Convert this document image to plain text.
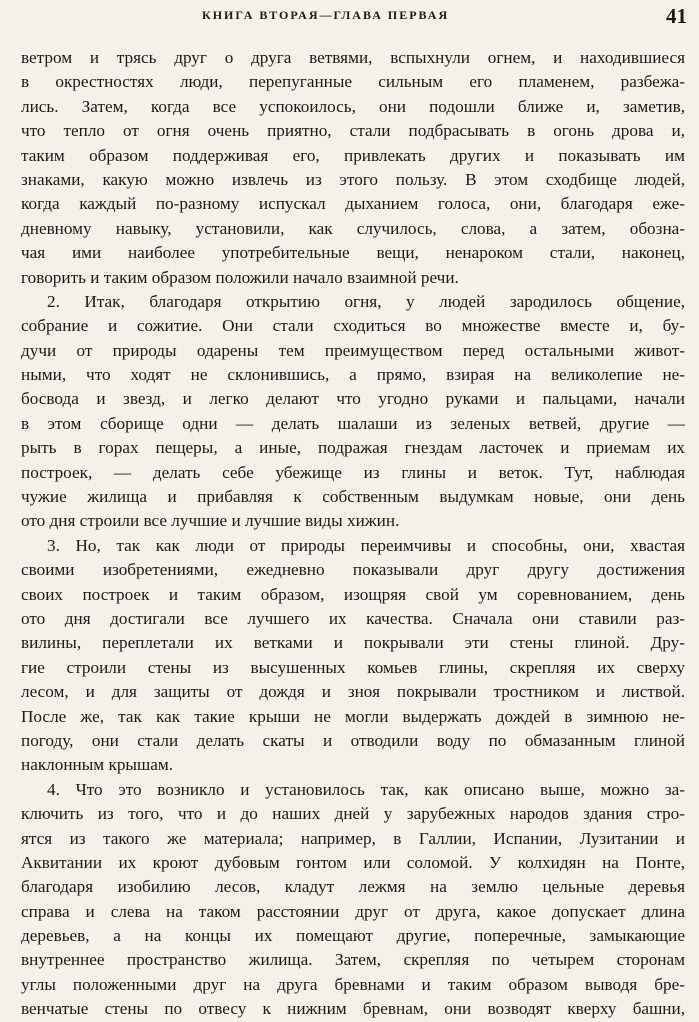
КНИГА ВТОРАЯ—ГЛАВА ПЕРВАЯ	41
ветром и трясь друг о друга ветвями, вспыхнули огнем, и находившиеся
в окрестностях люди, перепуганные сильным его пламенем, разбежа-
лись. Затем, когда все успокоилось, они подошли ближе и, заметив,
что тепло от огня очень приятно, стали подбрасывать в огонь дрова и,
таким образом поддерживая его, привлекать других и показывать им
знаками, какую можно извлечь из этого пользу. В этом сходбище людей,
когда каждый по-разному испускал дыханием голоса, они, благодаря еже-
дневному навыку, установили, как случилось, слова, а затем, обозна-
чая ими наиболее употребительные вещи, ненароком стали, наконец,
говорить и таким образом положили начало взаимной речи.
2. Итак, благодаря открытию огня, у людей зародилось общение,
собрание и сожитие. Они стали сходиться во множестве вместе и, бу-
дучи от природы одарены тем преимуществом перед остальными живот-
ными, что ходят не склонившись, а прямо, взирая на великолепие не-
босвода и звезд, и легко делают что угодно руками и пальцами, начали
в этом сборище одни — делать шалаши из зеленых ветвей, другие —
рыть в горах пещеры, а иные, подражая гнездам ласточек и приемам их
построек, — делать себе убежище из глины и веток. Тут, наблюдая
чужие жилища и прибавляя к собственным выдумкам новые, они день
ото дня строили все лучшие и лучшие виды хижин.
3. Но, так как люди от природы переимчивы и способны, они, хвастая
своими изобретениями, ежедневно показывали друг другу достижения
своих построек и таким образом, изощряя свой ум соревнованием, день
ото дня достигали все лучшего их качества. Сначала они ставили раз-
вилины, переплетали их ветками и покрывали эти стены глиной. Дру-
гие строили стены из высушенных комьев глины, скрепляя их сверху
лесом, и для защиты от дождя и зноя покрывали тростником и листвой.
После же, так как такие крыши не могли выдержать дождей в зимнюю не-
погоду, они стали делать скаты и отводили воду по обмазанным глиной
наклонным крышам.
4. Что это возникло и установилось так, как описано выше, можно за-
ключить из того, что и до наших дней у зарубежных народов здания стро-
ятся из такого же материала; например, в Галлии, Испании, Лузитании и
Аквитании их кроют дубовым гонтом или соломой. У колхидян на Понте,
благодаря изобилию лесов, кладут лежмя на землю цельные деревья
справа и слева на таком расстоянии друг от друга, какое допускает длина
деревьев, а на концы их помещают другие, поперечные, замыкающие
внутреннее пространство жилища. Затем, скрепляя по четырем сторонам
углы положенными друг на друга бревнами и таким образом выводя бре-
венчатые стены по отвесу к нижним бревнам, они возводят кверху башни,
